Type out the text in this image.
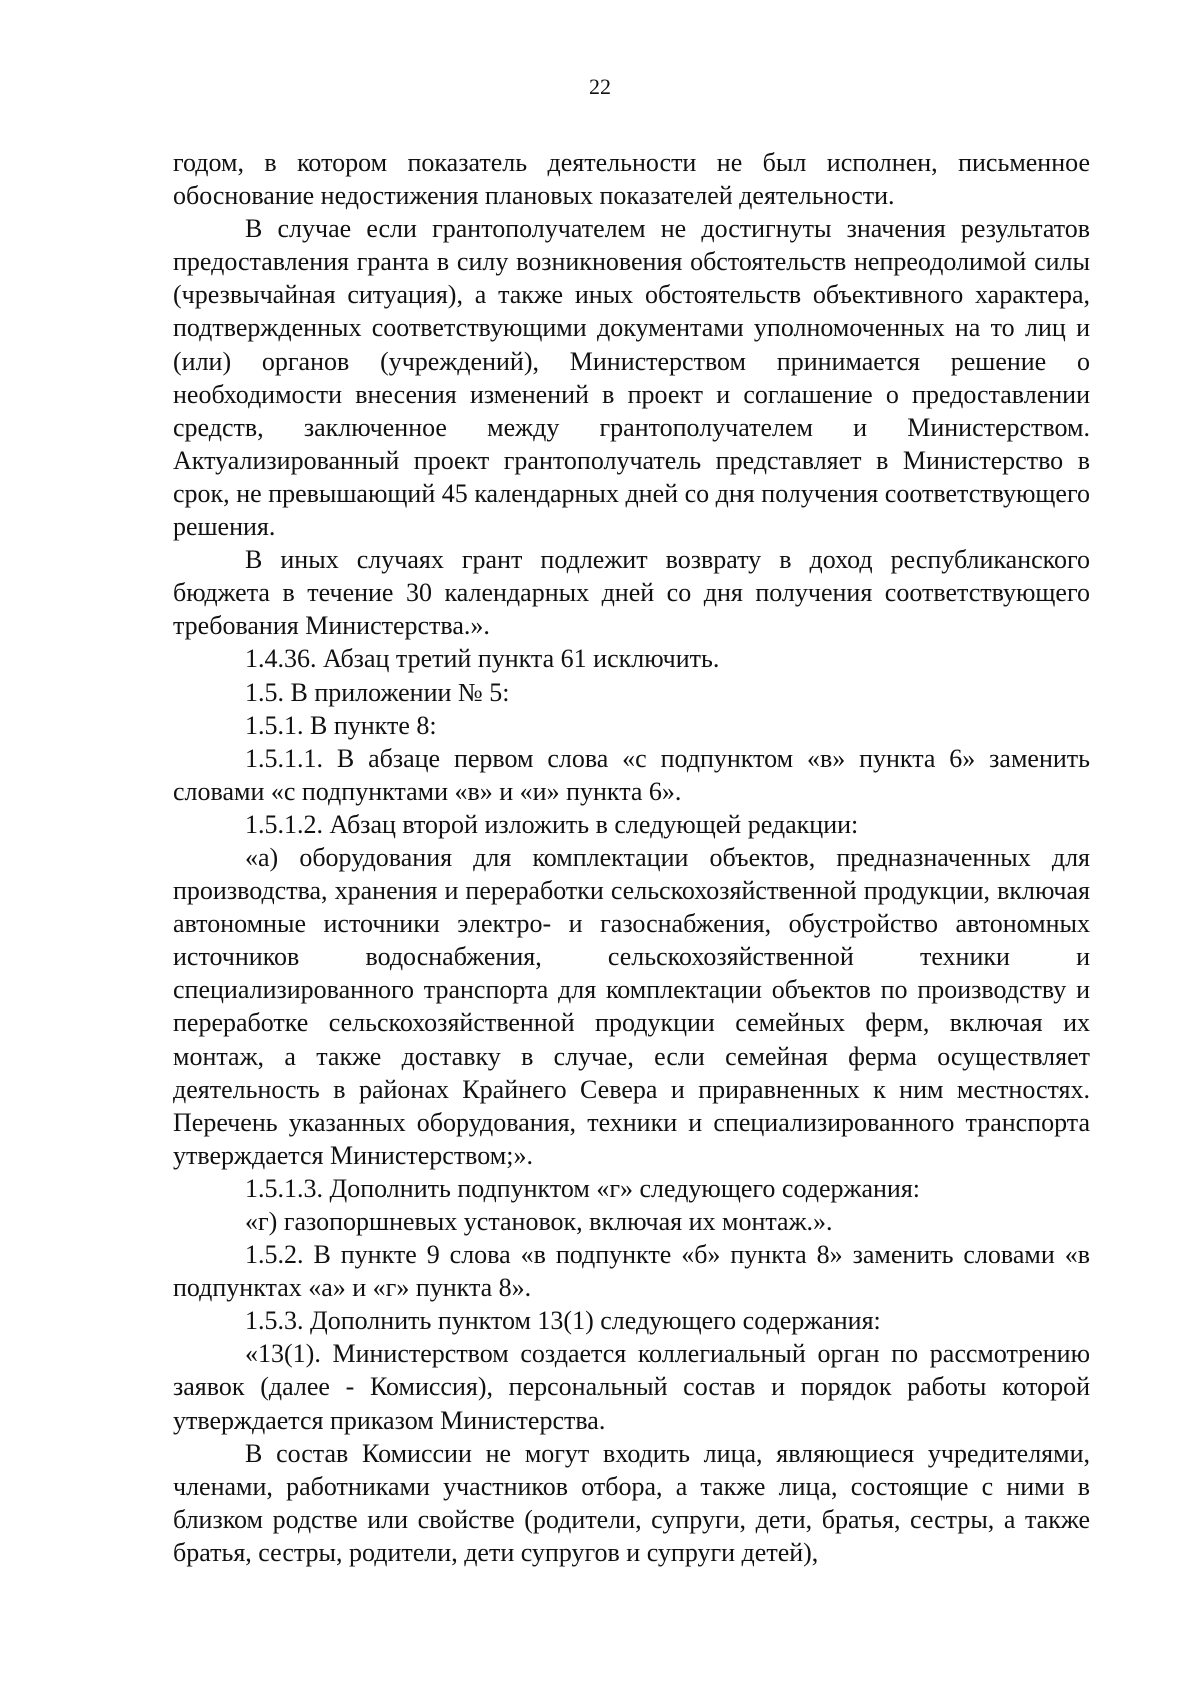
22

годом, в котором показатель деятельности не был исполнен, письменное обоснование недостижения плановых показателей деятельности.

В случае если грантополучателем не достигнуты значения результатов предоставления гранта в силу возникновения обстоятельств непреодолимой силы (чрезвычайная ситуация), а также иных обстоятельств объективного характера, подтвержденных соответствующими документами уполномоченных на то лиц и (или) органов (учреждений), Министерством принимается решение о необходимости внесения изменений в проект и соглашение о предоставлении средств, заключенное между грантополучателем и Министерством. Актуализированный проект грантополучатель представляет в Министерство в срок, не превышающий 45 календарных дней со дня получения соответствующего решения.

В иных случаях грант подлежит возврату в доход республиканского бюджета в течение 30 календарных дней со дня получения соответствующего требования Министерства.».

1.4.36. Абзац третий пункта 61 исключить.

1.5. В приложении № 5:

1.5.1. В пункте 8:

1.5.1.1. В абзаце первом слова «с подпунктом «в» пункта 6» заменить словами «с подпунктами «в» и «и» пункта 6».

1.5.1.2. Абзац второй изложить в следующей редакции:

«а) оборудования для комплектации объектов, предназначенных для производства, хранения и переработки сельскохозяйственной продукции, включая автономные источники электро- и газоснабжения, обустройство автономных источников водоснабжения, сельскохозяйственной техники и специализированного транспорта для комплектации объектов по производству и переработке сельскохозяйственной продукции семейных ферм, включая их монтаж, а также доставку в случае, если семейная ферма осуществляет деятельность в районах Крайнего Севера и приравненных к ним местностях. Перечень указанных оборудования, техники и специализированного транспорта утверждается Министерством;».

1.5.1.3. Дополнить подпунктом «г» следующего содержания:

«г) газопоршневых установок, включая их монтаж.».

1.5.2. В пункте 9 слова «в подпункте «б» пункта 8» заменить словами «в подпунктах «а» и «г» пункта 8».

1.5.3. Дополнить пунктом 13(1) следующего содержания:

«13(1). Министерством создается коллегиальный орган по рассмотрению заявок (далее - Комиссия), персональный состав и порядок работы которой утверждается приказом Министерства.

В состав Комиссии не могут входить лица, являющиеся учредителями, членами, работниками участников отбора, а также лица, состоящие с ними в близком родстве или свойстве (родители, супруги, дети, братья, сестры, а также братья, сестры, родители, дети супругов и супруги детей),
